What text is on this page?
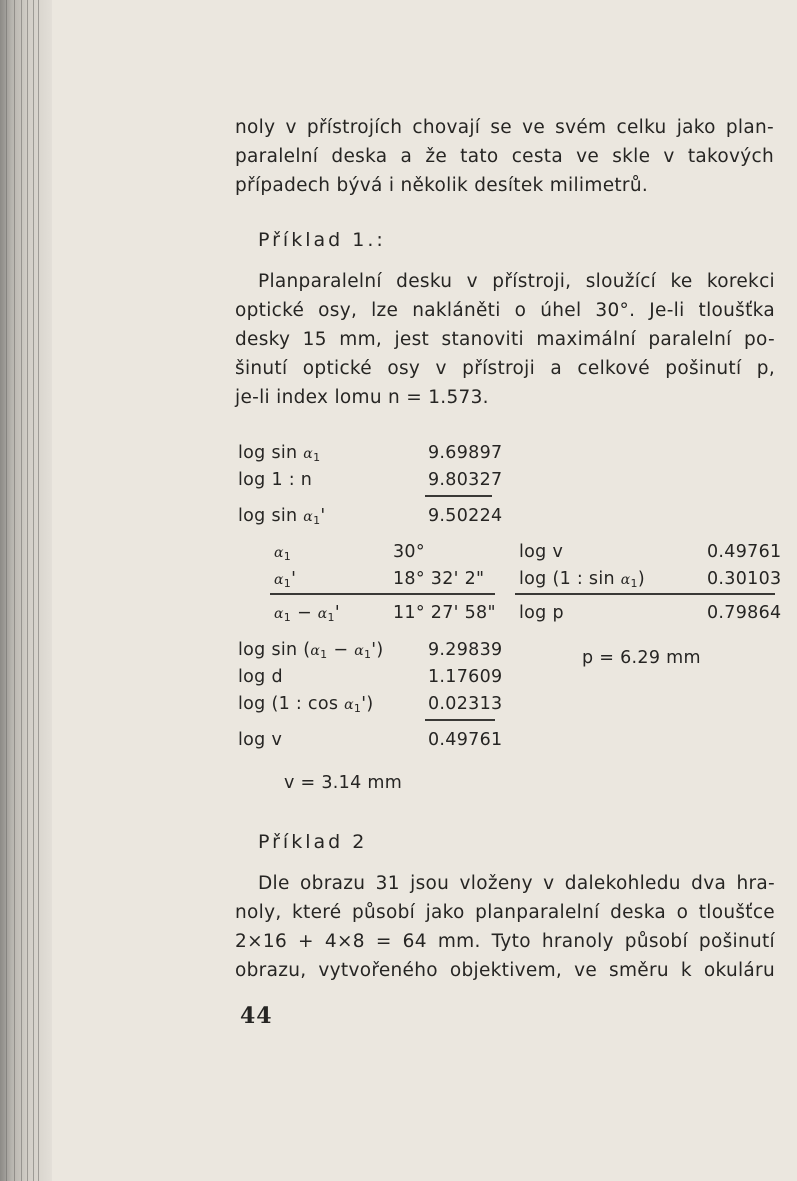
noly v přístrojích chovají se ve svém celku jako plan-
paralelní deska a že tato cesta ve skle v takových
případech bývá i několik desítek milimetrů.
Příklad 1.:
Planparalelní desku v přístroji, sloužící ke korekci
optické osy, lze nakláněti o úhel 30°. Je-li tloušťka
desky 15 mm, jest stanoviti maximální paralelní po-
šinutí optické osy v přístroji a celkové pošinutí p,
je-li index lomu n = 1.573.
$\log \sin \alpha_1$	9.69897
log 1 : n	9.80327
$\log \sin \alpha_1'$	9.50224
$\alpha_1$	30°
$\alpha_1'$	18° 32' 2"
$\alpha_1 - \alpha_1'$	11° 27' 58"
log v	0.49761
log (1 : $\sin \alpha_1$)	0.30103
log p	0.79864
p = 6.29 mm
$\log \sin (\alpha_1 - \alpha_1')$	9.29839
log d	1.17609
log (1 : $\cos \alpha_1'$)	0.02313
log v	0.49761
v = 3.14 mm
Příklad 2
Dle obrazu 31 jsou vloženy v dalekohledu dva hra-
noly, které působí jako planparalelní deska o tloušťce
2×16 + 4×8 = 64 mm. Tyto hranoly působí pošinutí
obrazu, vytvořeného objektivem, ve směru k okuláru
44
